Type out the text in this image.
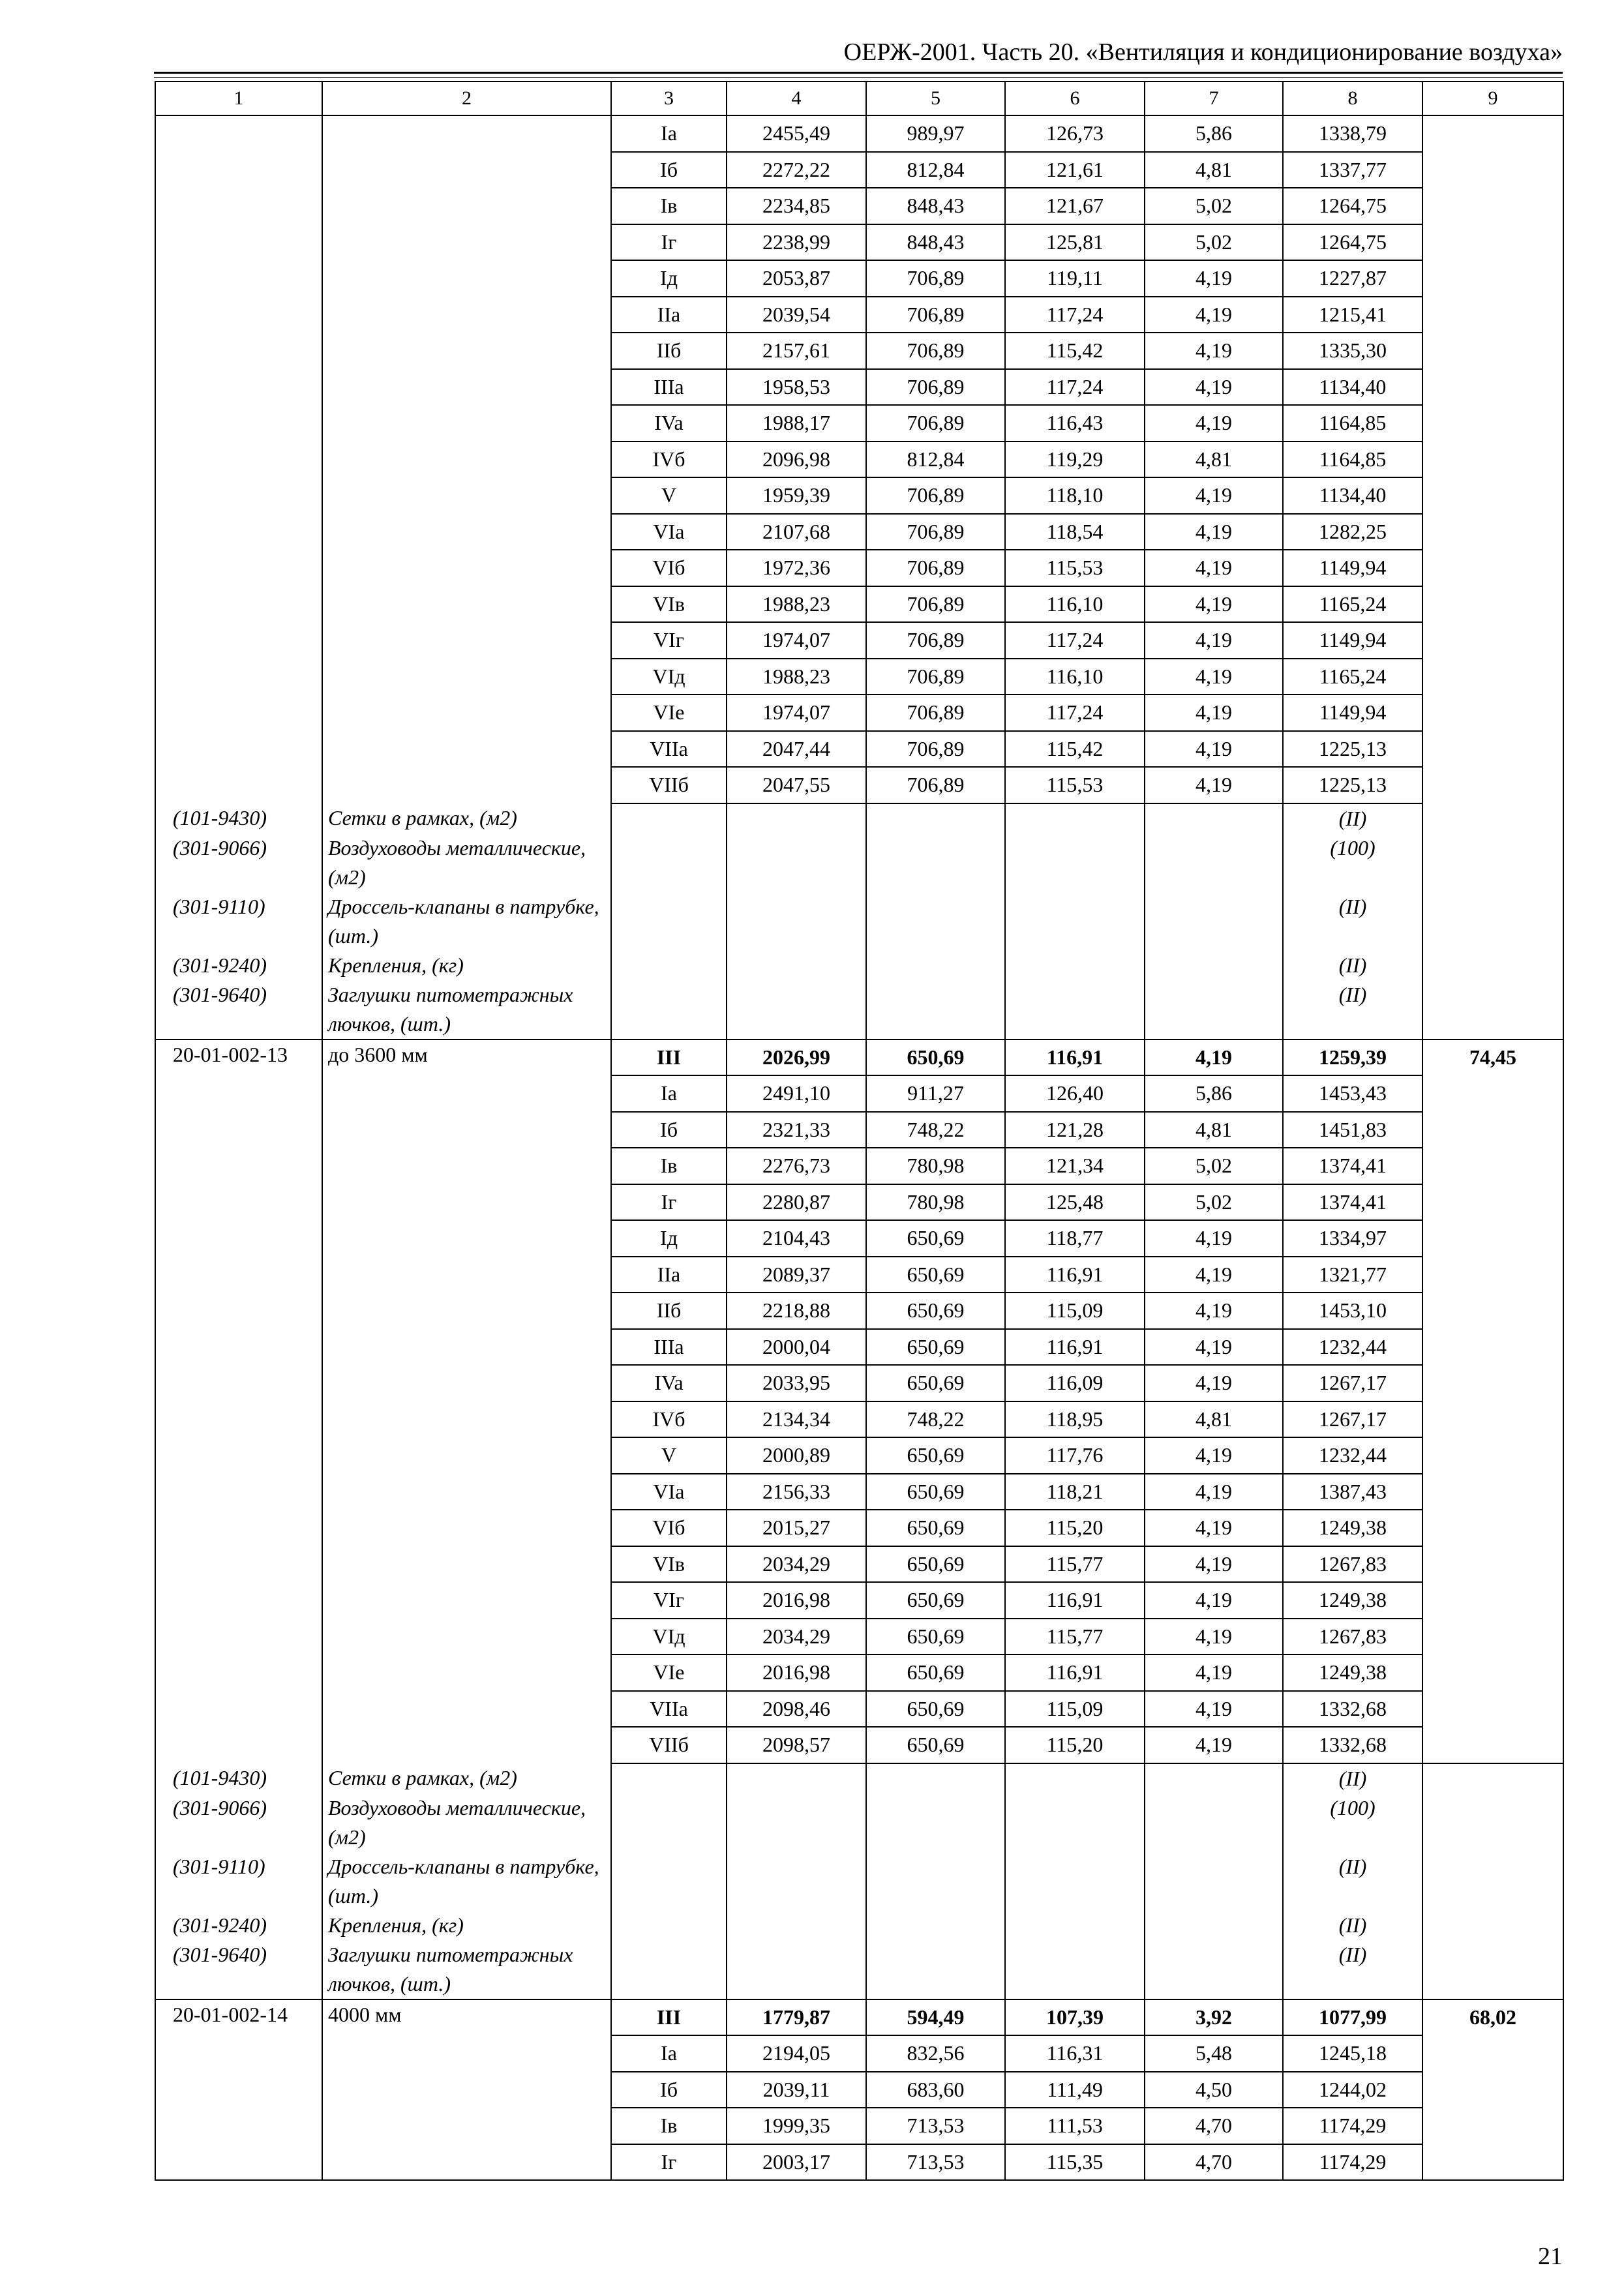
ОЕРЖ-2001. Часть 20. «Вентиляция и кондиционирование воздуха»
1	2	3	4	5	6	7	8	9
		Ia	2455,49	989,97	126,73	5,86	1338,79	
		Iб	2272,22	812,84	121,61	4,81	1337,77	
		Iв	2234,85	848,43	121,67	5,02	1264,75	
		Iг	2238,99	848,43	125,81	5,02	1264,75	
		Iд	2053,87	706,89	119,11	4,19	1227,87	
		IIa	2039,54	706,89	117,24	4,19	1215,41	
		IIб	2157,61	706,89	115,42	4,19	1335,30	
		IIIa	1958,53	706,89	117,24	4,19	1134,40	
		IVa	1988,17	706,89	116,43	4,19	1164,85	
		IVб	2096,98	812,84	119,29	4,81	1164,85	
		V	1959,39	706,89	118,10	4,19	1134,40	
		VIa	2107,68	706,89	118,54	4,19	1282,25	
		VIб	1972,36	706,89	115,53	4,19	1149,94	
		VIв	1988,23	706,89	116,10	4,19	1165,24	
		VIг	1974,07	706,89	117,24	4,19	1149,94	
		VIд	1988,23	706,89	116,10	4,19	1165,24	
		VIe	1974,07	706,89	117,24	4,19	1149,94	
		VIIa	2047,44	706,89	115,42	4,19	1225,13	
		VIIб	2047,55	706,89	115,53	4,19	1225,13	
(101-9430)	Сетки в рамках, (м2)						(II)	
(301-9066)	Воздуховоды металлические, (м2)						(100)	
(301-9110)	Дроссель-клапаны в патрубке, (шт.)						(II)	
(301-9240)	Крепления, (кг)						(II)	
(301-9640)	Заглушки питометражных лючков, (шт.)						(II)	
20-01-002-13	до 3600 мм	III	2026,99	650,69	116,91	4,19	1259,39	74,45
		Ia	2491,10	911,27	126,40	5,86	1453,43	
		Iб	2321,33	748,22	121,28	4,81	1451,83	
		Iв	2276,73	780,98	121,34	5,02	1374,41	
		Iг	2280,87	780,98	125,48	5,02	1374,41	
		Iд	2104,43	650,69	118,77	4,19	1334,97	
		IIa	2089,37	650,69	116,91	4,19	1321,77	
		IIб	2218,88	650,69	115,09	4,19	1453,10	
		IIIa	2000,04	650,69	116,91	4,19	1232,44	
		IVa	2033,95	650,69	116,09	4,19	1267,17	
		IVб	2134,34	748,22	118,95	4,81	1267,17	
		V	2000,89	650,69	117,76	4,19	1232,44	
		VIa	2156,33	650,69	118,21	4,19	1387,43	
		VIб	2015,27	650,69	115,20	4,19	1249,38	
		VIв	2034,29	650,69	115,77	4,19	1267,83	
		VIг	2016,98	650,69	116,91	4,19	1249,38	
		VIд	2034,29	650,69	115,77	4,19	1267,83	
		VIe	2016,98	650,69	116,91	4,19	1249,38	
		VIIa	2098,46	650,69	115,09	4,19	1332,68	
		VIIб	2098,57	650,69	115,20	4,19	1332,68	
(101-9430)	Сетки в рамках, (м2)						(II)	
(301-9066)	Воздуховоды металлические, (м2)						(100)	
(301-9110)	Дроссель-клапаны в патрубке, (шт.)						(II)	
(301-9240)	Крепления, (кг)						(II)	
(301-9640)	Заглушки питометражных лючков, (шт.)						(II)	
20-01-002-14	4000 мм	III	1779,87	594,49	107,39	3,92	1077,99	68,02
		Ia	2194,05	832,56	116,31	5,48	1245,18	
		Iб	2039,11	683,60	111,49	4,50	1244,02	
		Iв	1999,35	713,53	111,53	4,70	1174,29	
		Iг	2003,17	713,53	115,35	4,70	1174,29	
21
